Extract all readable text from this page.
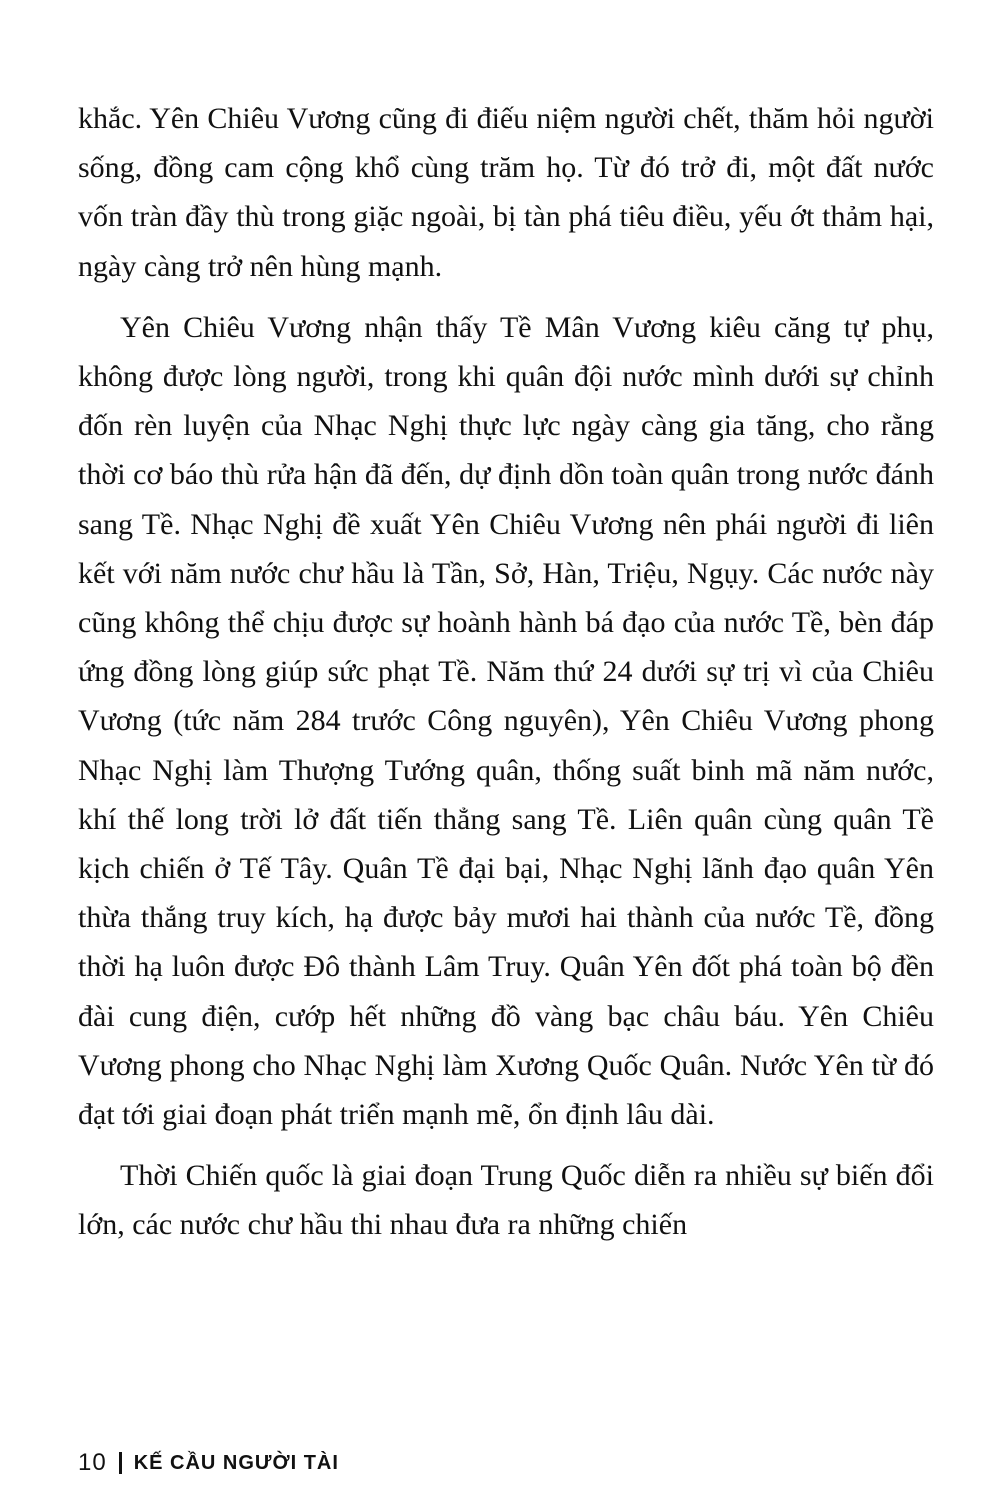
khắc. Yên Chiêu Vương cũng đi điếu niệm người chết, thăm hỏi người sống, đồng cam cộng khổ cùng trăm họ. Từ đó trở đi, một đất nước vốn tràn đầy thù trong giặc ngoài, bị tàn phá tiêu điều, yếu ớt thảm hại, ngày càng trở nên hùng mạnh.

Yên Chiêu Vương nhận thấy Tề Mân Vương kiêu căng tự phụ, không được lòng người, trong khi quân đội nước mình dưới sự chỉnh đốn rèn luyện của Nhạc Nghị thực lực ngày càng gia tăng, cho rằng thời cơ báo thù rửa hận đã đến, dự định dồn toàn quân trong nước đánh sang Tề. Nhạc Nghị đề xuất Yên Chiêu Vương nên phái người đi liên kết với năm nước chư hầu là Tần, Sở, Hàn, Triệu, Ngụy. Các nước này cũng không thể chịu được sự hoành hành bá đạo của nước Tề, bèn đáp ứng đồng lòng giúp sức phạt Tề. Năm thứ 24 dưới sự trị vì của Chiêu Vương (tức năm 284 trước Công nguyên), Yên Chiêu Vương phong Nhạc Nghị làm Thượng Tướng quân, thống suất binh mã năm nước, khí thế long trời lở đất tiến thẳng sang Tề. Liên quân cùng quân Tề kịch chiến ở Tế Tây. Quân Tề đại bại, Nhạc Nghị lãnh đạo quân Yên thừa thắng truy kích, hạ được bảy mươi hai thành của nước Tề, đồng thời hạ luôn được Đô thành Lâm Truy. Quân Yên đốt phá toàn bộ đền đài cung điện, cướp hết những đồ vàng bạc châu báu. Yên Chiêu Vương phong cho Nhạc Nghị làm Xương Quốc Quân. Nước Yên từ đó đạt tới giai đoạn phát triển mạnh mẽ, ổn định lâu dài.

Thời Chiến quốc là giai đoạn Trung Quốc diễn ra nhiều sự biến đổi lớn, các nước chư hầu thi nhau đưa ra những chiến

10 KẾ CẦU NGƯỜI TÀI
